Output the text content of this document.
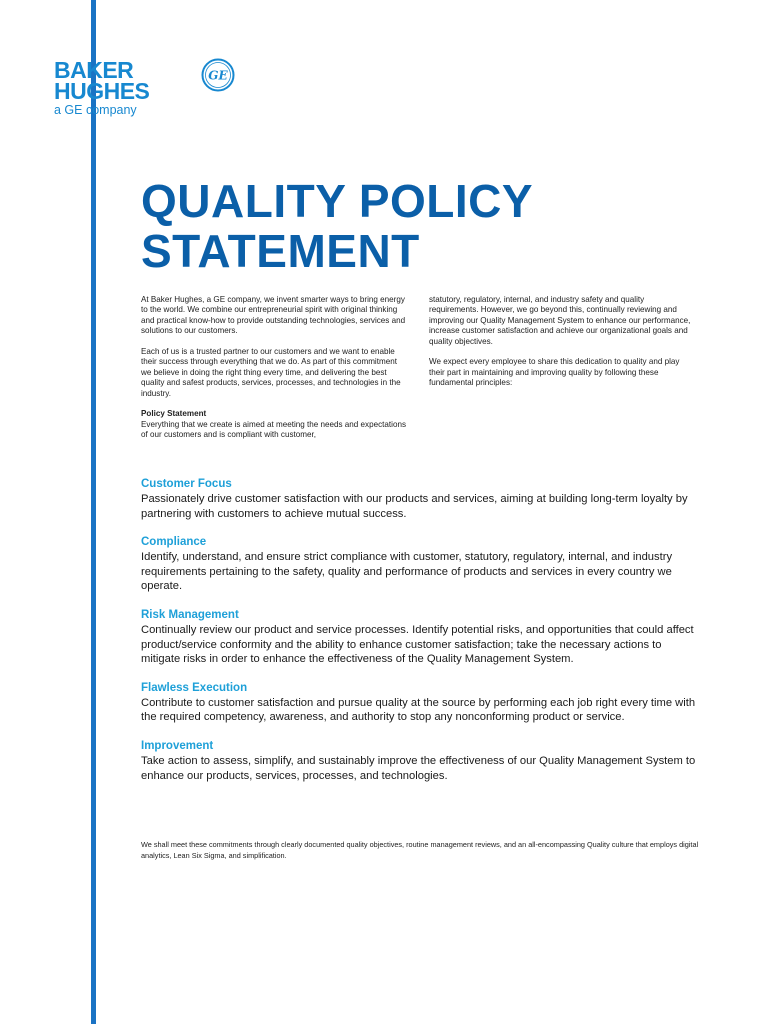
BAKER
HUGHES
a GE company
GE
QUALITY POLICY
STATEMENT

At Baker Hughes, a GE company, we invent smarter ways to bring energy to the world. We combine our entrepreneurial spirit with original thinking and practical know-how to provide outstanding technologies, services and solutions to our customers.

Each of us is a trusted partner to our customers and we want to enable their success through everything that we do. As part of this commitment we believe in doing the right thing every time, and delivering the best quality and safest products, services, processes, and technologies in the industry.

Policy Statement
Everything that we create is aimed at meeting the needs and expectations of our customers and is compliant with customer,

statutory, regulatory, internal, and industry safety and quality requirements. However, we go beyond this, continually reviewing and improving our Quality Management System to enhance our performance, increase customer satisfaction and achieve our organizational goals and quality objectives.

We expect every employee to share this dedication to quality and play their part in maintaining and improving quality by following these fundamental principles:

Customer Focus
Passionately drive customer satisfaction with our products and services, aiming at building long-term loyalty by partnering with customers to achieve mutual success.
Compliance
Identify, understand, and ensure strict compliance with customer, statutory, regulatory, internal, and industry requirements pertaining to the safety, quality and performance of products and services in every country we operate.
Risk Management
Continually review our product and service processes. Identify potential risks, and opportunities that could affect product/service conformity and the ability to enhance customer satisfaction; take the necessary actions to mitigate risks in order to enhance the effectiveness of the Quality Management System.
Flawless Execution
Contribute to customer satisfaction and pursue quality at the source by performing each job right every time with the required competency, awareness, and authority to stop any nonconforming product or service.
Improvement
Take action to assess, simplify, and sustainably improve the effectiveness of our Quality Management System to enhance our products, services, processes, and technologies.
We shall meet these commitments through clearly documented quality objectives, routine management reviews, and an all-encompassing Quality culture that employs digital analytics, Lean Six Sigma, and simplification.
